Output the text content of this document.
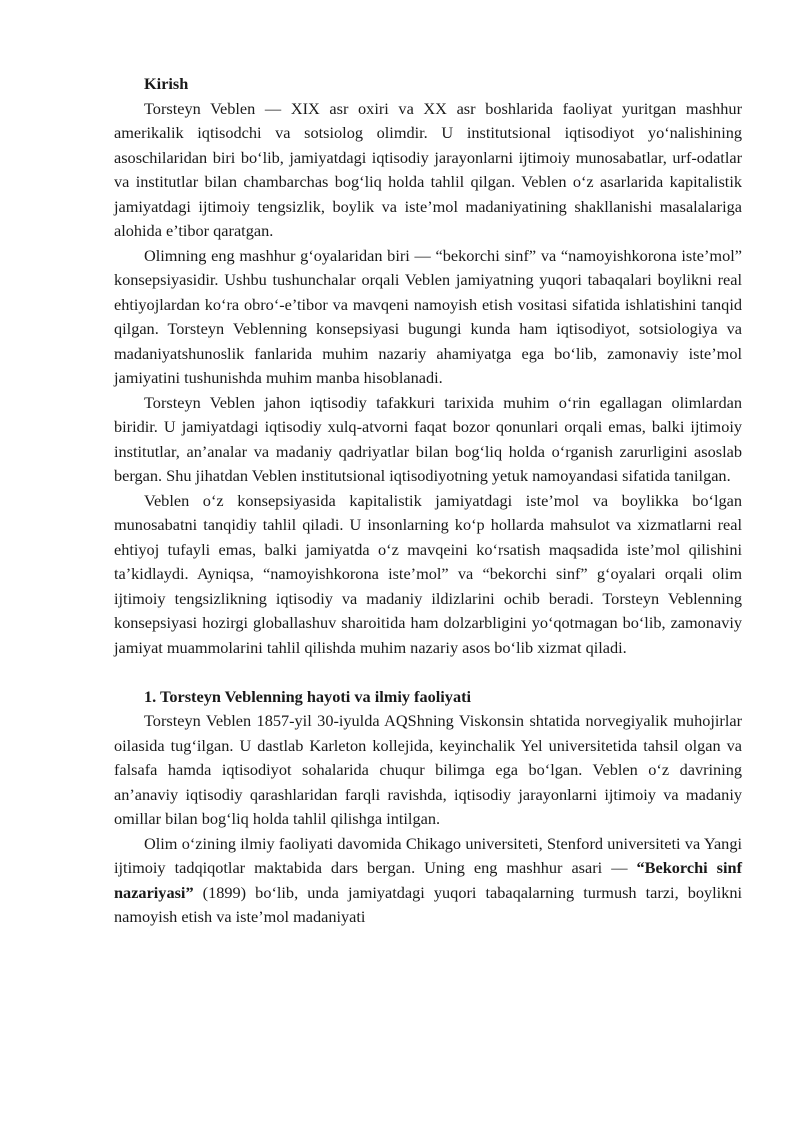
Kirish

Torsteyn Veblen — XIX asr oxiri va XX asr boshlarida faoliyat yuritgan mashhur amerikalik iqtisodchi va sotsiolog olimdir. U institutsional iqtisodiyot yo‘nalishining asoschilaridan biri bo‘lib, jamiyatdagi iqtisodiy jarayonlarni ijtimoiy munosabatlar, urf-odatlar va institutlar bilan chambarchas bog‘liq holda tahlil qilgan. Veblen o‘z asarlarida kapitalistik jamiyatdagi ijtimoiy tengsizlik, boylik va iste’mol madaniyatining shakllanishi masalalariga alohida e’tibor qaratgan.

Olimning eng mashhur g‘oyalaridan biri — “bekorchi sinf” va “namoyishkorona iste’mol” konsepsiyasidir. Ushbu tushunchalar orqali Veblen jamiyatning yuqori tabaqalari boylikni real ehtiyojlardan ko‘ra obro‘-e’tibor va mavqeni namoyish etish vositasi sifatida ishlatishini tanqid qilgan. Torsteyn Veblenning konsepsiyasi bugungi kunda ham iqtisodiyot, sotsiologiya va madaniyatshunoslik fanlarida muhim nazariy ahamiyatga ega bo‘lib, zamonaviy iste’mol jamiyatini tushunishda muhim manba hisoblanadi.

Torsteyn Veblen jahon iqtisodiy tafakkuri tarixida muhim o‘rin egallagan olimlardan biridir. U jamiyatdagi iqtisodiy xulq-atvorni faqat bozor qonunlari orqali emas, balki ijtimoiy institutlar, an’analar va madaniy qadriyatlar bilan bog‘liq holda o‘rganish zarurligini asoslab bergan. Shu jihatdan Veblen institutsional iqtisodiyotning yetuk namoyandasi sifatida tanilgan.

Veblen o‘z konsepsiyasida kapitalistik jamiyatdagi iste’mol va boylikka bo‘lgan munosabatni tanqidiy tahlil qiladi. U insonlarning ko‘p hollarda mahsulot va xizmatlarni real ehtiyoj tufayli emas, balki jamiyatda o‘z mavqeini ko‘rsatish maqsadida iste’mol qilishini ta’kidlaydi. Ayniqsa, “namoyishkorona iste’mol” va “bekorchi sinf” g‘oyalari orqali olim ijtimoiy tengsizlikning iqtisodiy va madaniy ildizlarini ochib beradi. Torsteyn Veblenning konsepsiyasi hozirgi globallashuv sharoitida ham dolzarbligini yo‘qotmagan bo‘lib, zamonaviy jamiyat muammolarini tahlil qilishda muhim nazariy asos bo‘lib xizmat qiladi.

1. Torsteyn Veblenning hayoti va ilmiy faoliyati

Torsteyn Veblen 1857-yil 30-iyulda AQShning Viskonsin shtatida norvegiyalik muhojirlar oilasida tug‘ilgan. U dastlab Karleton kollejida, keyinchalik Yel universitetida tahsil olgan va falsafa hamda iqtisodiyot sohalarida chuqur bilimga ega bo‘lgan. Veblen o‘z davrining an’anaviy iqtisodiy qarashlaridan farqli ravishda, iqtisodiy jarayonlarni ijtimoiy va madaniy omillar bilan bog‘liq holda tahlil qilishga intilgan.

Olim o‘zining ilmiy faoliyati davomida Chikago universiteti, Stenford universiteti va Yangi ijtimoiy tadqiqotlar maktabida dars bergan. Uning eng mashhur asari — “Bekorchi sinf nazariyasi” (1899) bo‘lib, unda jamiyatdagi yuqori tabaqalarning turmush tarzi, boylikni namoyish etish va iste’mol madaniyati
